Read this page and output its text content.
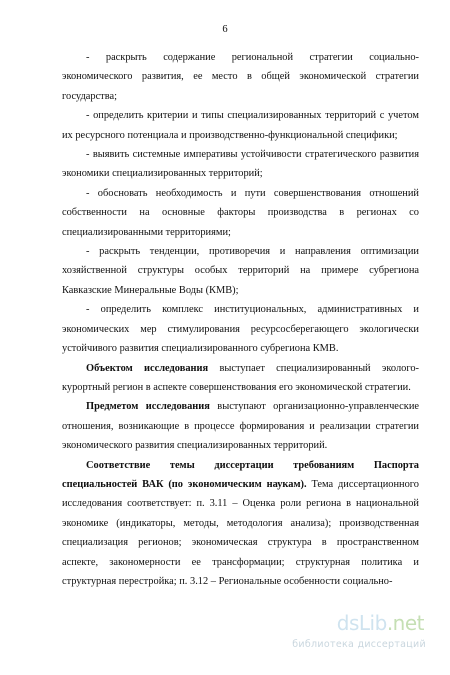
6

- раскрыть содержание региональной стратегии социально-экономического развития, ее место в общей экономической стратегии государства;

- определить критерии и типы специализированных территорий с учетом их ресурсного потенциала и производственно-функциональной специфики;

- выявить системные императивы устойчивости стратегического развития экономики специализированных территорий;

- обосновать необходимость и пути совершенствования отношений собственности на основные факторы производства в регионах со специализированными территориями;

- раскрыть тенденции, противоречия и направления оптимизации хозяйственной структуры особых территорий на примере субрегиона Кавказские Минеральные Воды (КМВ);

- определить комплекс институциональных, административных и экономических мер стимулирования ресурсосберегающего экологически устойчивого развития специализированного субрегиона КМВ.

Объектом исследования выступает специализированный эколого-курортный регион в аспекте совершенствования его экономической стратегии.

Предметом исследования выступают организационно-управленческие отношения, возникающие в процессе формирования и реализации стратегии экономического развития специализированных территорий.

Соответствие темы диссертации требованиям Паспорта специальностей ВАК (по экономическим наукам). Тема диссертационного исследования соответствует: п. 3.11 – Оценка роли региона в национальной экономике (индикаторы, методы, методология анализа); производственная специализация регионов; экономическая структура в пространственном аспекте, закономерности ее трансформации; структурная политика и структурная перестройка; п. 3.12 – Региональные особенности социально-

dsLib.net
библиотека диссертаций
